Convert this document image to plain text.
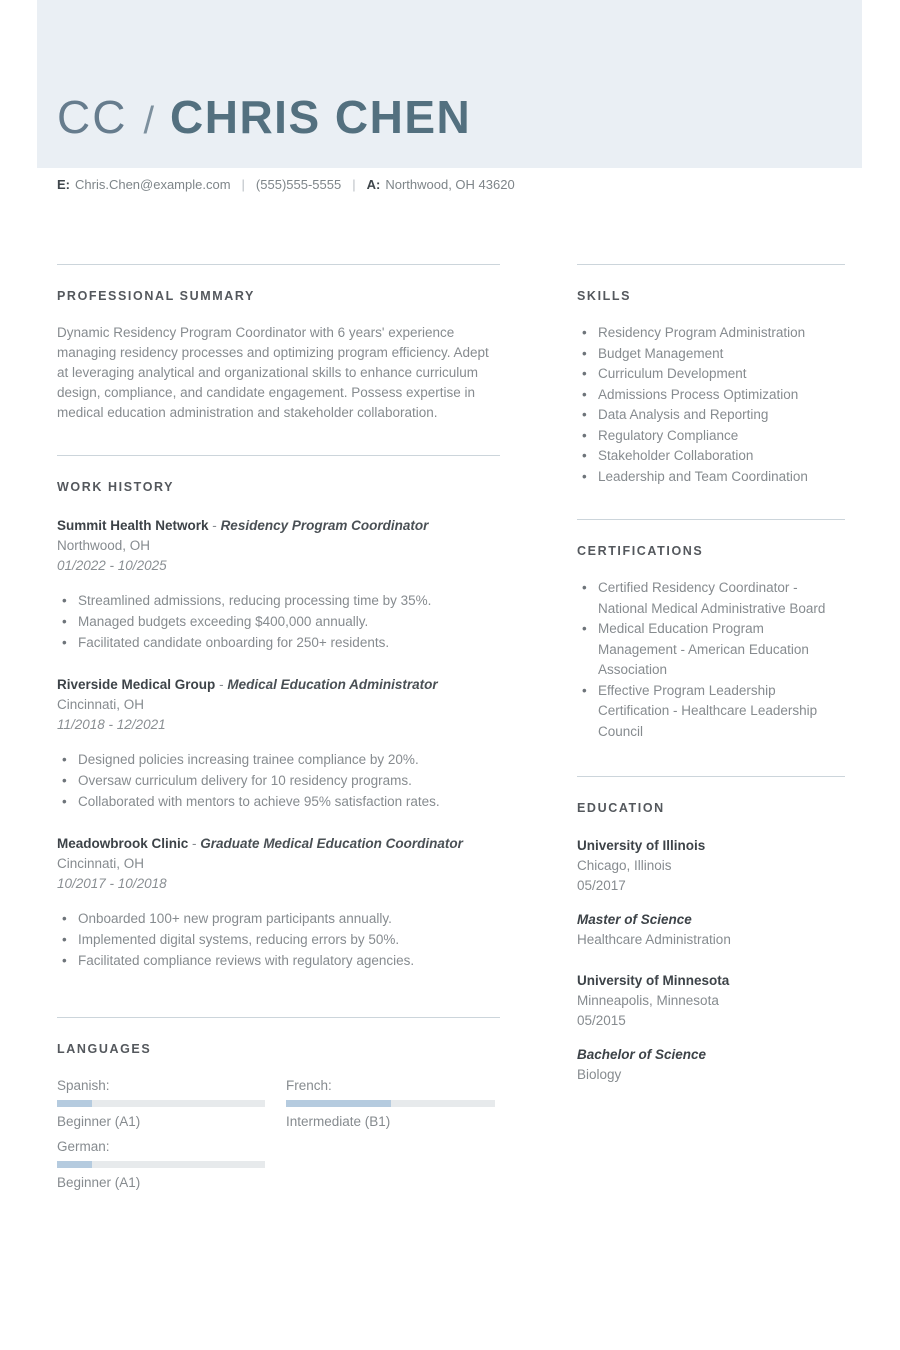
CC / CHRIS CHEN
E: Chris.Chen@example.com | (555)555-5555 | A: Northwood, OH 43620
PROFESSIONAL SUMMARY

Dynamic Residency Program Coordinator with 6 years' experience managing residency processes and optimizing program efficiency. Adept at leveraging analytical and organizational skills to enhance curriculum design, compliance, and candidate engagement. Possess expertise in medical education administration and stakeholder collaboration.

WORK HISTORY
Summit Health Network - Residency Program Coordinator
Northwood, OH
01/2022 - 10/2025
• Streamlined admissions, reducing processing time by 35%.
• Managed budgets exceeding $400,000 annually.
• Facilitated candidate onboarding for 250+ residents.
Riverside Medical Group - Medical Education Administrator
Cincinnati, OH
11/2018 - 12/2021
• Designed policies increasing trainee compliance by 20%.
• Oversaw curriculum delivery for 10 residency programs.
• Collaborated with mentors to achieve 95% satisfaction rates.
Meadowbrook Clinic - Graduate Medical Education Coordinator
Cincinnati, OH
10/2017 - 10/2018
• Onboarded 100+ new program participants annually.
• Implemented digital systems, reducing errors by 50%.
• Facilitated compliance reviews with regulatory agencies.
LANGUAGES
Spanish:
Beginner (A1)
French:
Intermediate (B1)
German:
Beginner (A1)
SKILLS
• Residency Program Administration
• Budget Management
• Curriculum Development
• Admissions Process Optimization
• Data Analysis and Reporting
• Regulatory Compliance
• Stakeholder Collaboration
• Leadership and Team Coordination
CERTIFICATIONS
• Certified Residency Coordinator - National Medical Administrative Board
• Medical Education Program Management - American Education Association
• Effective Program Leadership Certification - Healthcare Leadership Council
EDUCATION
University of Illinois
Chicago, Illinois
05/2017
Master of Science
Healthcare Administration
University of Minnesota
Minneapolis, Minnesota
05/2015
Bachelor of Science
Biology
